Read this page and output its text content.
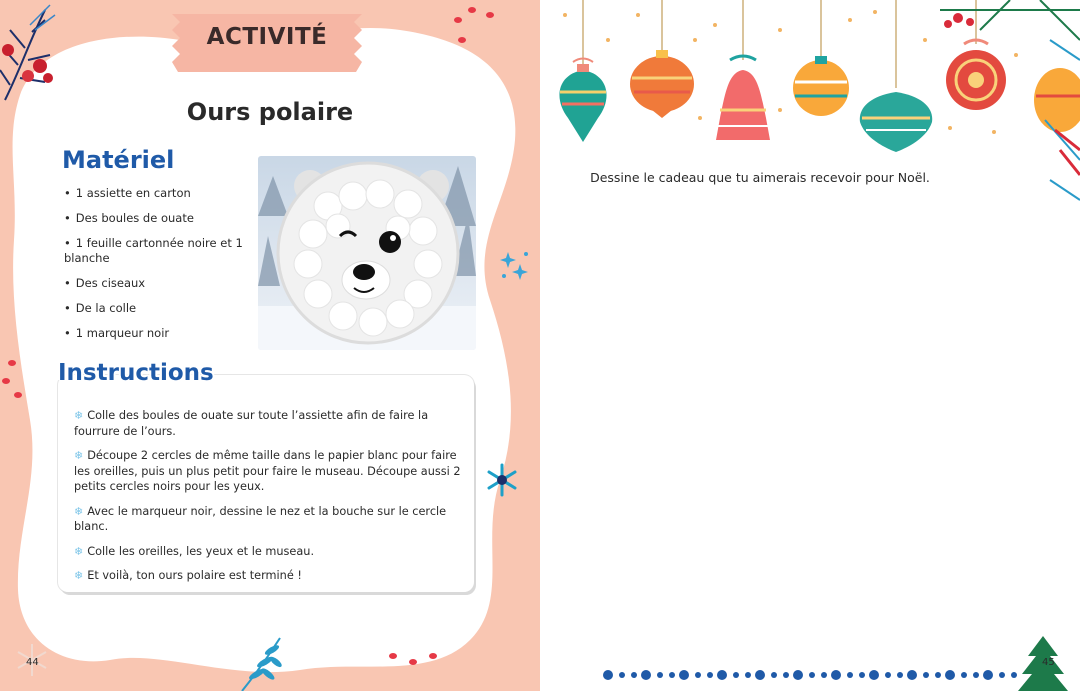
ACTIVITÉ
Ours polaire
Matériel
• 1 assiette en carton
• Des boules de ouate
• 1 feuille cartonnée noire et 1 blanche
• Des ciseaux
• De la colle
• 1 marqueur noir
Instructions
❄ Colle des boules de ouate sur toute l’assiette afin de faire la fourrure de l’ours.
❄ Découpe 2 cercles de même taille dans le papier blanc pour faire les oreilles, puis un plus petit pour faire le museau. Découpe aussi 2 petits cercles noirs pour les yeux.
❄ Avec le marqueur noir, dessine le nez et la bouche sur le cercle blanc.
❄ Colle les oreilles, les yeux et le museau.
❄ Et voilà, ton ours polaire est terminé !
44
Dessine le cadeau que tu aimerais recevoir pour Noël.
45
